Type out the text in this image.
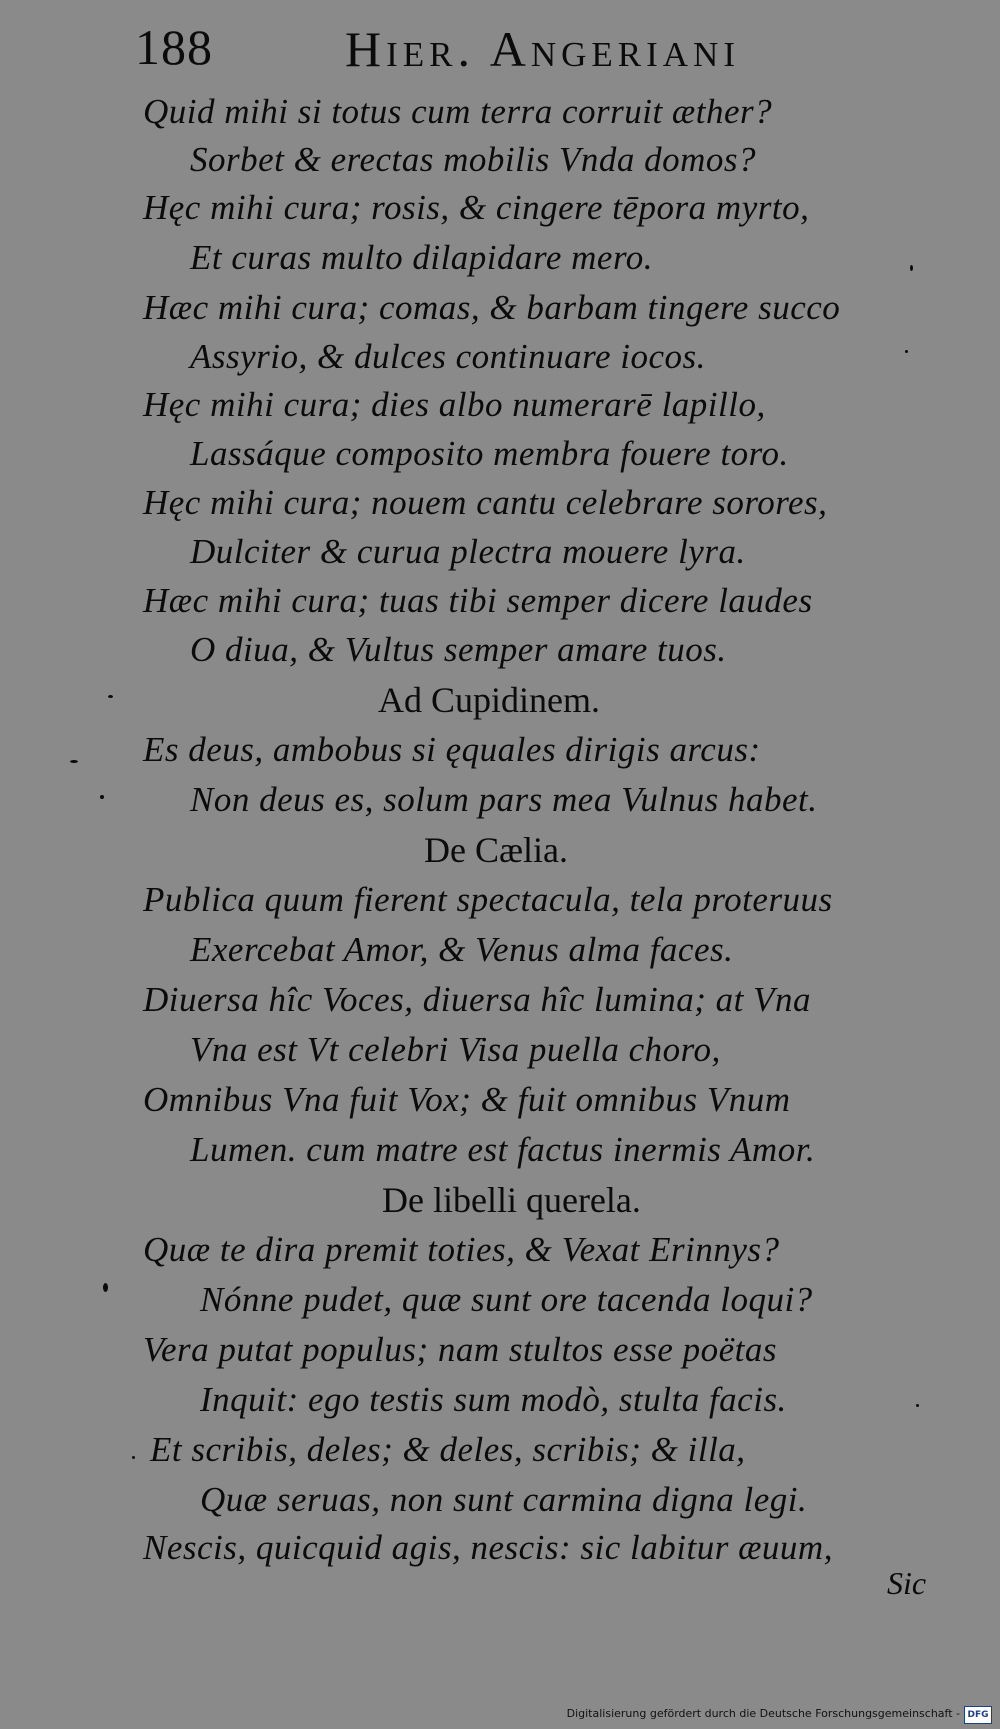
188	Hier. Angeriani
Quid mihi si totus cum terra corruit æther?
Sorbet & erectas mobilis Vnda domos?
Hęc mihi cura; rosis, & cingere tēpora myrto,
Et curas multo dilapidare mero.
Hæc mihi cura; comas, & barbam tingere succo
Assyrio, & dulces continuare iocos.
Hęc mihi cura; dies albo numerarē lapillo,
Lassáque composito membra fouere toro.
Hęc mihi cura; nouem cantu celebrare sorores,
Dulciter & curua plectra mouere lyra.
Hæc mihi cura; tuas tibi semper dicere laudes
O diua, & Vultus semper amare tuos.
Ad Cupidinem.
Es deus, ambobus si ęquales dirigis arcus:
Non deus es, solum pars mea Vulnus habet.
De Cælia.
Publica quum fierent spectacula, tela proteruus
Exercebat Amor, & Venus alma faces.
Diuersa hîc Voces, diuersa hîc lumina; at Vna
Vna est Vt celebri Visa puella choro,
Omnibus Vna fuit Vox; & fuit omnibus Vnum
Lumen. cum matre est factus inermis Amor.
De libelli querela.
Quæ te dira premit toties, & Vexat Erinnys?
Nónne pudet, quæ sunt ore tacenda loqui?
Vera putat populus; nam stultos esse poëtas
Inquit: ego testis sum modò, stulta facis.
Et scribis, deles; & deles, scribis; & illa,
Quæ seruas, non sunt carmina digna legi.
Nescis, quicquid agis, nescis: sic labitur æuum,
Sic
Digitalisierung gefördert durch die Deutsche Forschungsgemeinschaft - DFG
